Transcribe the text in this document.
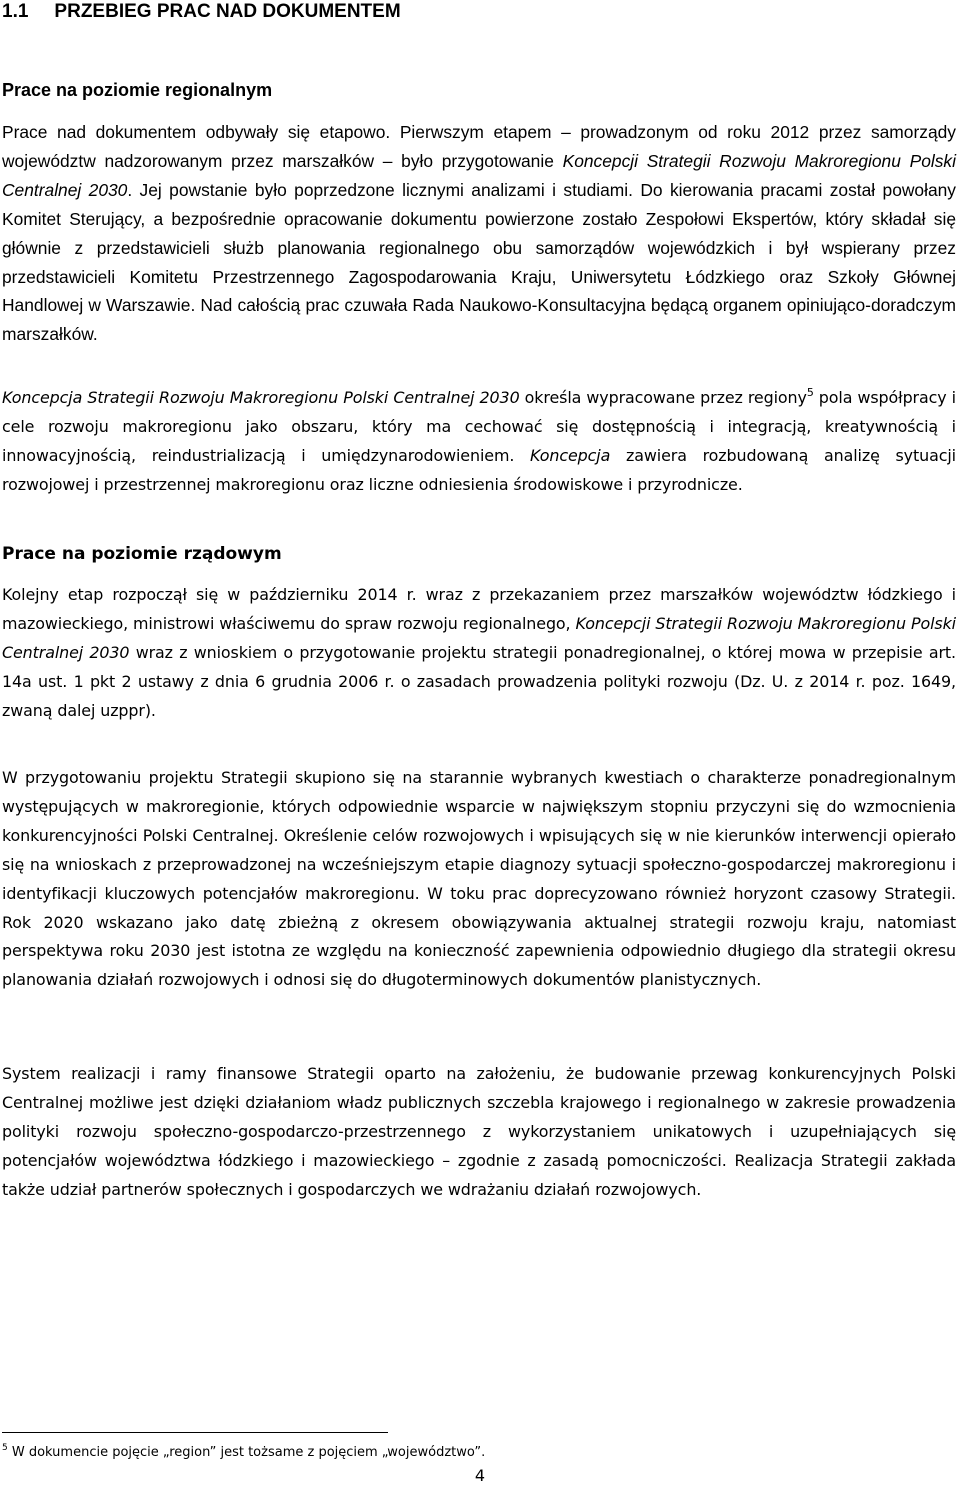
1.1 PRZEBIEG PRAC NAD DOKUMENTEM
Prace na poziomie regionalnym

Prace nad dokumentem odbywały się etapowo. Pierwszym etapem – prowadzonym od roku 2012 przez samorządy województw nadzorowanym przez marszałków – było przygotowanie Koncepcji Strategii Rozwoju Makroregionu Polski Centralnej 2030. Jej powstanie było poprzedzone licznymi analizami i studiami. Do kierowania pracami został powołany Komitet Sterujący, a bezpośrednie opracowanie dokumentu powierzone zostało Zespołowi Ekspertów, który składał się głównie z przedstawicieli służb planowania regionalnego obu samorządów wojewódzkich i był wspierany przez przedstawicieli Komitetu Przestrzennego Zagospodarowania Kraju, Uniwersytetu Łódzkiego oraz Szkoły Głównej Handlowej w Warszawie. Nad całością prac czuwała Rada Naukowo-Konsultacyjna będącą organem opiniująco-doradczym marszałków.

Koncepcja Strategii Rozwoju Makroregionu Polski Centralnej 2030 określa wypracowane przez regiony$^5$ pola współpracy i cele rozwoju makroregionu jako obszaru, który ma cechować się dostępnością i integracją, kreatywnością i innowacyjnością, reindustrializacją i umiędzynarodowieniem. Koncepcja zawiera rozbudowaną analizę sytuacji rozwojowej i przestrzennej makroregionu oraz liczne odniesienia środowiskowe i przyrodnicze.

Prace na poziomie rządowym

Kolejny etap rozpoczął się w październiku 2014 r. wraz z przekazaniem przez marszałków województw łódzkiego i mazowieckiego, ministrowi właściwemu do spraw rozwoju regionalnego, Koncepcji Strategii Rozwoju Makroregionu Polski Centralnej 2030 wraz z wnioskiem o przygotowanie projektu strategii ponadregionalnej, o której mowa w przepisie art. 14a ust. 1 pkt 2 ustawy z dnia 6 grudnia 2006 r. o zasadach prowadzenia polityki rozwoju (Dz. U. z 2014 r. poz. 1649, zwaną dalej uzppr).

W przygotowaniu projektu Strategii skupiono się na starannie wybranych kwestiach o charakterze ponadregionalnym występujących w makroregionie, których odpowiednie wsparcie w największym stopniu przyczyni się do wzmocnienia konkurencyjności Polski Centralnej. Określenie celów rozwojowych i wpisujących się w nie kierunków interwencji opierało się na wnioskach z przeprowadzonej na wcześniejszym etapie diagnozy sytuacji społeczno-gospodarczej makroregionu i identyfikacji kluczowych potencjałów makroregionu. W toku prac doprecyzowano również horyzont czasowy Strategii. Rok 2020 wskazano jako datę zbieżną z okresem obowiązywania aktualnej strategii rozwoju kraju, natomiast perspektywa roku 2030 jest istotna ze względu na konieczność zapewnienia odpowiednio długiego dla strategii okresu planowania działań rozwojowych i odnosi się do długoterminowych dokumentów planistycznych.

System realizacji i ramy finansowe Strategii oparto na założeniu, że budowanie przewag konkurencyjnych Polski Centralnej możliwe jest dzięki działaniom władz publicznych szczebla krajowego i regionalnego w zakresie prowadzenia polityki rozwoju społeczno-gospodarczo-przestrzennego z wykorzystaniem unikatowych i uzupełniających się potencjałów województwa łódzkiego i mazowieckiego – zgodnie z zasadą pomocniczości. Realizacja Strategii zakłada także udział partnerów społecznych i gospodarczych we wdrażaniu działań rozwojowych.

$^5$ W dokumencie pojęcie „region” jest tożsame z pojęciem „województwo”.

4
